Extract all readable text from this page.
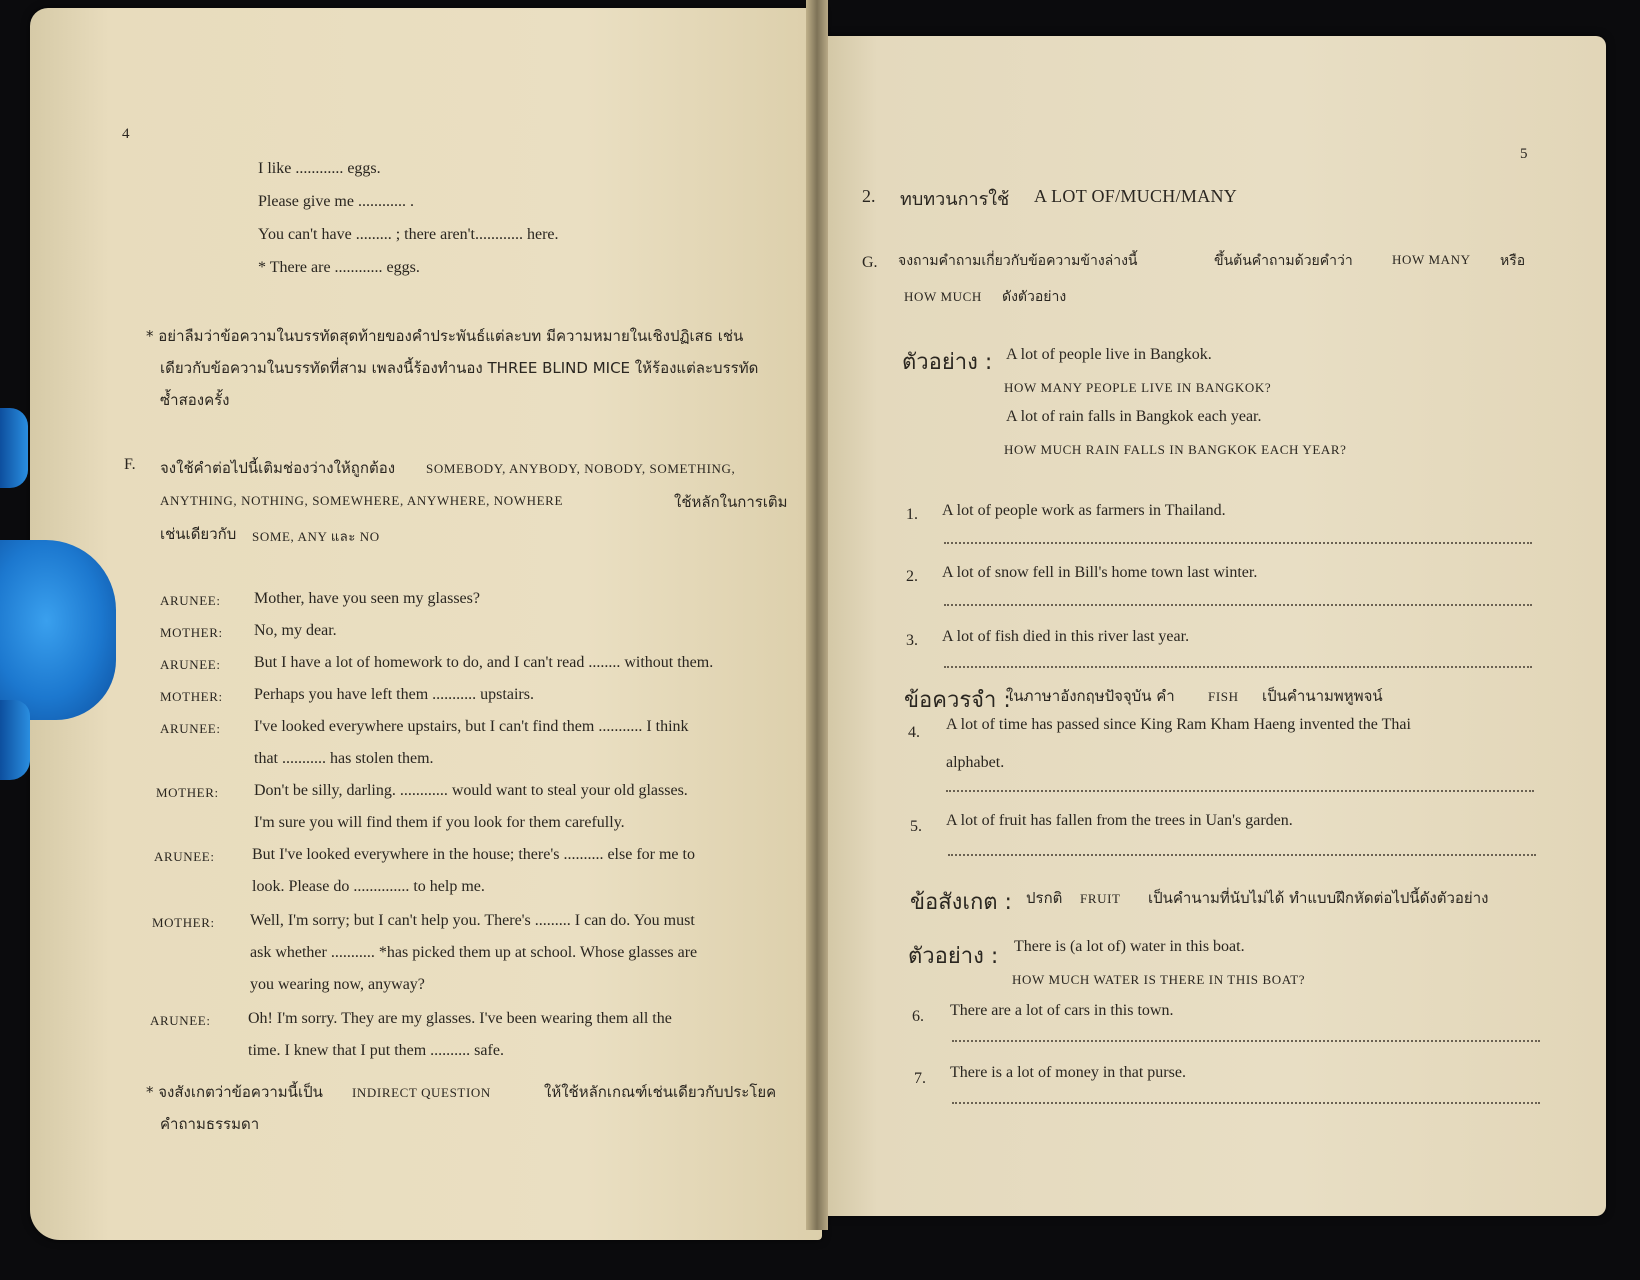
4
I like ............ eggs.
Please give me ............ .
You can't have ......... ; there aren't............ here.
* There are ............ eggs.
* อย่าลืมว่าข้อความในบรรทัดสุดท้ายของคำประพันธ์แต่ละบท มีความหมายในเชิงปฏิเสธ เช่น
เดียวกับข้อความในบรรทัดที่สาม เพลงนี้ร้องทำนอง THREE BLIND MICE ให้ร้องแต่ละบรรทัด
ซ้ำสองครั้ง
F. จงใช้คำต่อไปนี้เติมช่องว่างให้ถูกต้อง SOMEBODY, ANYBODY, NOBODY, SOMETHING,
ANYTHING, NOTHING, SOMEWHERE, ANYWHERE, NOWHERE	ใช้หลักในการเติม
เช่นเดียวกับ SOME, ANY และ NO
ARUNEE: Mother, have you seen my glasses?
MOTHER: No, my dear.
ARUNEE: But I have a lot of homework to do, and I can't read ........ without them.
MOTHER: Perhaps you have left them ........... upstairs.
ARUNEE: I've looked everywhere upstairs, but I can't find them ........... I think
that ........... has stolen them.
MOTHER: Don't be silly, darling. ............ would want to steal your old glasses.
I'm sure you will find them if you look for them carefully.
ARUNEE: But I've looked everywhere in the house; there's .......... else for me to
look. Please do .............. to help me.
MOTHER: Well, I'm sorry; but I can't help you. There's ......... I can do. You must
ask whether ........... *has picked them up at school. Whose glasses are
you wearing now, anyway?
ARUNEE: Oh! I'm sorry. They are my glasses. I've been wearing them all the
time. I knew that I put them .......... safe.
* จงสังเกตว่าข้อความนี้เป็น INDIRECT QUESTION	ให้ใช้หลักเกณฑ์เช่นเดียวกับประโยค
คำถามธรรมดา
5
2. ทบทวนการใช้ A LOT OF/MUCH/MANY
G. จงถามคำถามเกี่ยวกับข้อความข้างล่างนี้	ขึ้นต้นคำถามด้วยคำว่า	HOW MANY หรือ
HOW MUCH ดังตัวอย่าง
ตัวอย่าง : A lot of people live in Bangkok.
HOW MANY PEOPLE LIVE IN BANGKOK?
A lot of rain falls in Bangkok each year.
HOW MUCH RAIN FALLS IN BANGKOK EACH YEAR?
1. A lot of people work as farmers in Thailand.
2. A lot of snow fell in Bill's home town last winter.
3. A lot of fish died in this river last year.
ข้อควรจำ :
ในภาษาอังกฤษปัจจุบัน คำ	FISH เป็นคำนามพหูพจน์
4. A lot of time has passed since King Ram Kham Haeng invented the Thai
alphabet.
5. A lot of fruit has fallen from the trees in Uan's garden.
ข้อสังเกต : ปรกติ FRUIT เป็นคำนามที่นับไม่ได้ ทำแบบฝึกหัดต่อไปนี้ดังตัวอย่าง
ตัวอย่าง : There is (a lot of) water in this boat.
HOW MUCH WATER IS THERE IN THIS BOAT?
6. There are a lot of cars in this town.
7. There is a lot of money in that purse.
